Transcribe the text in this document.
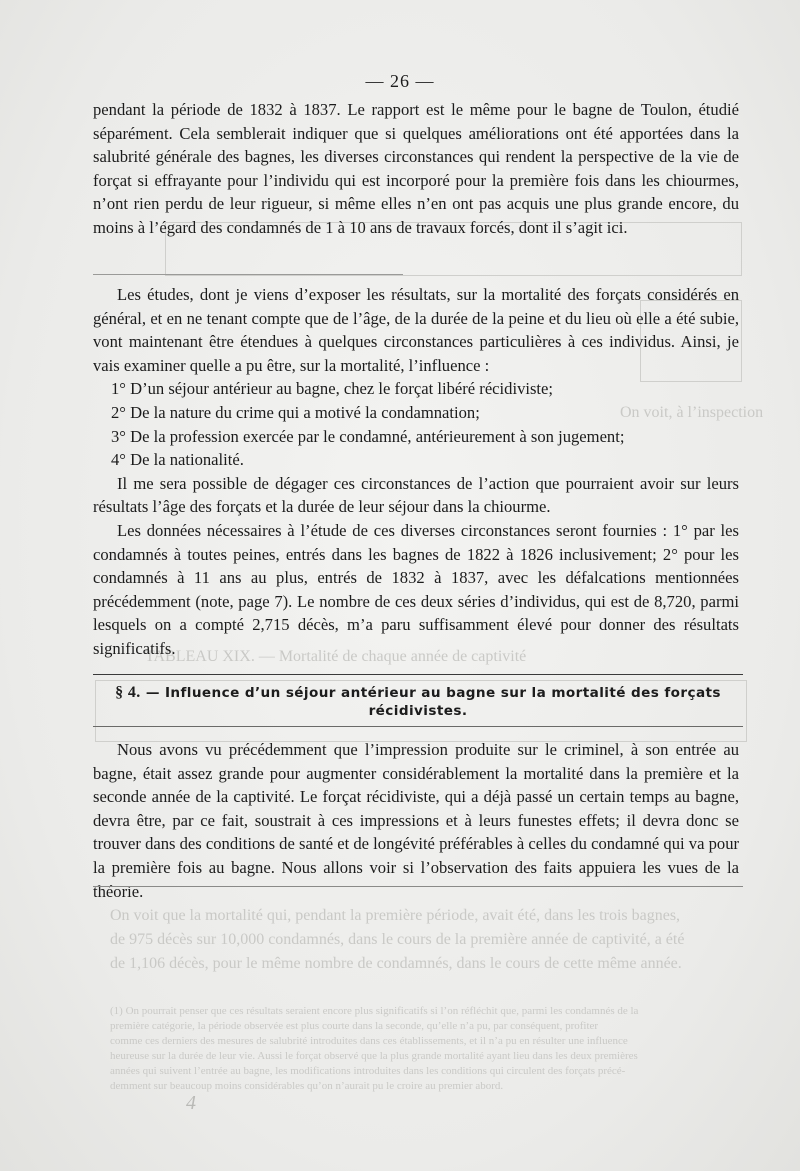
On voit, à l’inspection
TABLEAU XIX. — Mortalité de chaque année de captivité
On voit que la mortalité qui, pendant la première période, avait été, dans les trois bagnes,
de 975 décès sur 10,000 condamnés, dans le cours de la première année de captivité, a été
de 1,106 décès, pour le même nombre de condamnés, dans le cours de cette même année.
(1) On pourrait penser que ces résultats seraient encore plus significatifs si l’on réfléchit que, parmi les condamnés de la
première catégorie, la période observée est plus courte dans la seconde, qu’elle n’a pu, par conséquent, profiter
comme ces derniers des mesures de salubrité introduites dans ces établissements, et il n’a pu en résulter une influence
heureuse sur la durée de leur vie. Aussi le forçat observé que la plus grande mortalité ayant lieu dans les deux premières
années qui suivent l’entrée au bagne, les modifications introduites dans les conditions qui circulent des forçats précé-
demment sur beaucoup moins considérables qu’on n’aurait pu le croire au premier abord.
— 26 —

pendant la période de 1832 à 1837. Le rapport est le même pour le bagne de Toulon, étudié séparément. Cela semblerait indiquer que si quelques améliorations ont été apportées dans la salubrité générale des bagnes, les diverses circonstances qui rendent la perspective de la vie de forçat si effrayante pour l’individu qui est incorporé pour la première fois dans les chiourmes, n’ont rien perdu de leur rigueur, si même elles n’en ont pas acquis une plus grande encore, du moins à l’égard des condamnés de 1 à 10 ans de travaux forcés, dont il s’agit ici.

Les études, dont je viens d’exposer les résultats, sur la mortalité des forçats considérés en général, et en ne tenant compte que de l’âge, de la durée de la peine et du lieu où elle a été subie, vont maintenant être étendues à quelques circonstances particulières à ces individus. Ainsi, je vais examiner quelle a pu être, sur la mortalité, l’influence :

1° D’un séjour antérieur au bagne, chez le forçat libéré récidiviste;

2° De la nature du crime qui a motivé la condamnation;

3° De la profession exercée par le condamné, antérieurement à son jugement;

4° De la nationalité.

Il me sera possible de dégager ces circonstances de l’action que pourraient avoir sur leurs résultats l’âge des forçats et la durée de leur séjour dans la chiourme.

Les données nécessaires à l’étude de ces diverses circonstances seront fournies : 1° par les condamnés à toutes peines, entrés dans les bagnes de 1822 à 1826 inclusivement; 2° pour les condamnés à 11 ans au plus, entrés de 1832 à 1837, avec les défalcations mentionnées précédemment (note, page 7). Le nombre de ces deux séries d’individus, qui est de 8,720, parmi lesquels on a compté 2,715 décès, m’a paru suffisamment élevé pour donner des résultats significatifs.

§ 4. — Influence d’un séjour antérieur au bagne sur la mortalité des forçats récidivistes.

Nous avons vu précédemment que l’impression produite sur le criminel, à son entrée au bagne, était assez grande pour augmenter considérablement la mortalité dans la première et la seconde année de la captivité. Le forçat récidiviste, qui a déjà passé un certain temps au bagne, devra être, par ce fait, soustrait à ces impressions et à leurs funestes effets; il devra donc se trouver dans des conditions de santé et de longévité préférables à celles du condamné qui va pour la première fois au bagne. Nous allons voir si l’observation des faits appuiera les vues de la théorie.

4
